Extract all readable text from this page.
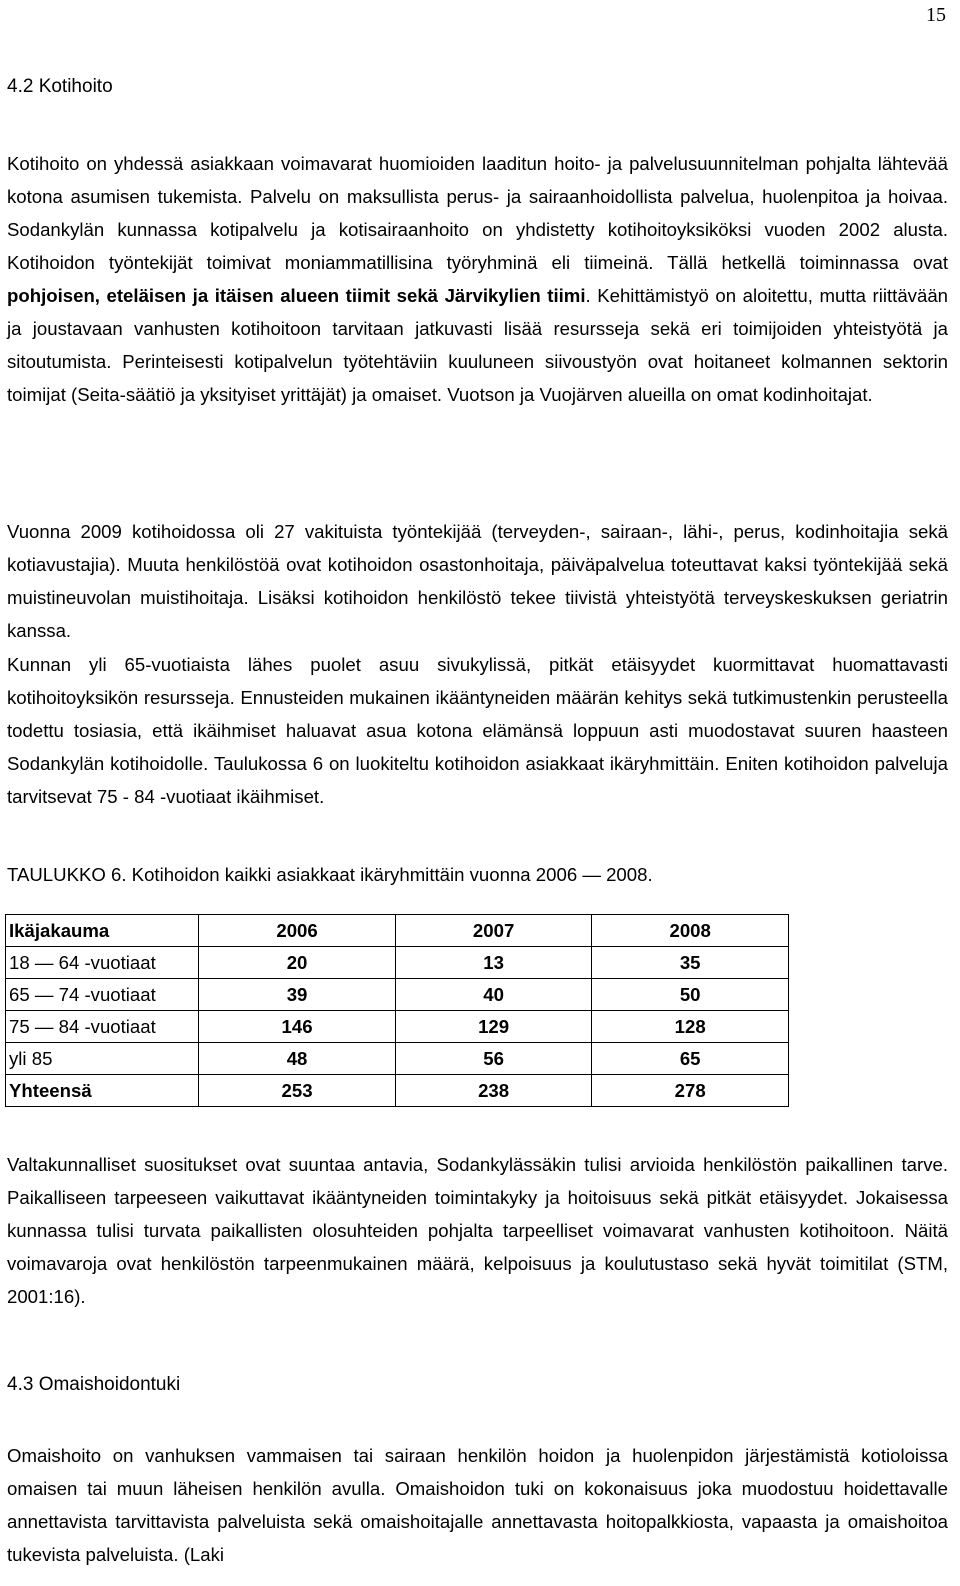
15
4.2 Kotihoito

Kotihoito on yhdessä asiakkaan voimavarat huomioiden laaditun hoito- ja palvelusuunnitelman pohjalta lähtevää kotona asumisen tukemista. Palvelu on maksullista perus- ja sairaanhoidollista palvelua, huolenpitoa ja hoivaa. Sodankylän kunnassa kotipalvelu ja kotisairaanhoito on yhdistetty kotihoitoyksiköksi vuoden 2002 alusta. Kotihoidon työntekijät toimivat moniammatillisina työryhminä eli tiimeinä. Tällä hetkellä toiminnassa ovat pohjoisen, eteläisen ja itäisen alueen tiimit sekä Järvikylien tiimi. Kehittämistyö on aloitettu, mutta riittävään ja joustavaan vanhusten kotihoitoon tarvitaan jatkuvasti lisää resursseja sekä eri toimijoiden yhteistyötä ja sitoutumista. Perinteisesti kotipalvelun työtehtäviin kuuluneen siivoustyön ovat hoitaneet kolmannen sektorin toimijat (Seita-säätiö ja yksityiset yrittäjät) ja omaiset. Vuotson ja Vuojärven alueilla on omat kodinhoitajat.

Vuonna 2009 kotihoidossa oli 27 vakituista työntekijää (terveyden-, sairaan-, lähi-, perus, kodinhoitajia sekä kotiavustajia). Muuta henkilöstöä ovat kotihoidon osastonhoitaja, päiväpalvelua toteuttavat kaksi työntekijää sekä muistineuvolan muistihoitaja. Lisäksi kotihoidon henkilöstö tekee tiivistä yhteistyötä terveyskeskuksen geriatrin kanssa.

Kunnan yli 65-vuotiaista lähes puolet asuu sivukylissä, pitkät etäisyydet kuormittavat huomattavasti kotihoitoyksikön resursseja. Ennusteiden mukainen ikääntyneiden määrän kehitys sekä tutkimustenkin perusteella todettu tosiasia, että ikäihmiset haluavat asua kotona elämänsä loppuun asti muodostavat suuren haasteen Sodankylän kotihoidolle. Taulukossa 6 on luokiteltu kotihoidon asiakkaat ikäryhmittäin. Eniten kotihoidon palveluja tarvitsevat 75 - 84 -vuotiaat ikäihmiset.

TAULUKKO 6. Kotihoidon kaikki asiakkaat ikäryhmittäin vuonna 2006 — 2008.

Ikäjakauma	2006	2007	2008
18 — 64 -vuotiaat	20	13	35
65 — 74 -vuotiaat	39	40	50
75 — 84 -vuotiaat	146	129	128
yli 85	48	56	65
Yhteensä	253	238	278

Valtakunnalliset suositukset ovat suuntaa antavia, Sodankylässäkin tulisi arvioida henkilöstön paikallinen tarve. Paikalliseen tarpeeseen vaikuttavat ikääntyneiden toimintakyky ja hoitoisuus sekä pitkät etäisyydet. Jokaisessa kunnassa tulisi turvata paikallisten olosuhteiden pohjalta tarpeelliset voimavarat vanhusten kotihoitoon. Näitä voimavaroja ovat henkilöstön tarpeenmukainen määrä, kelpoisuus ja koulutustaso sekä hyvät toimitilat (STM, 2001:16).

4.3 Omaishoidontuki

Omaishoito on vanhuksen vammaisen tai sairaan henkilön hoidon ja huolenpidon järjestämistä kotioloissa omaisen tai muun läheisen henkilön avulla. Omaishoidon tuki on kokonaisuus joka muodostuu hoidettavalle annettavista tarvittavista palveluista sekä omaishoitajalle annettavasta hoitopalkkiosta, vapaasta ja omaishoitoa tukevista palveluista. (Laki
